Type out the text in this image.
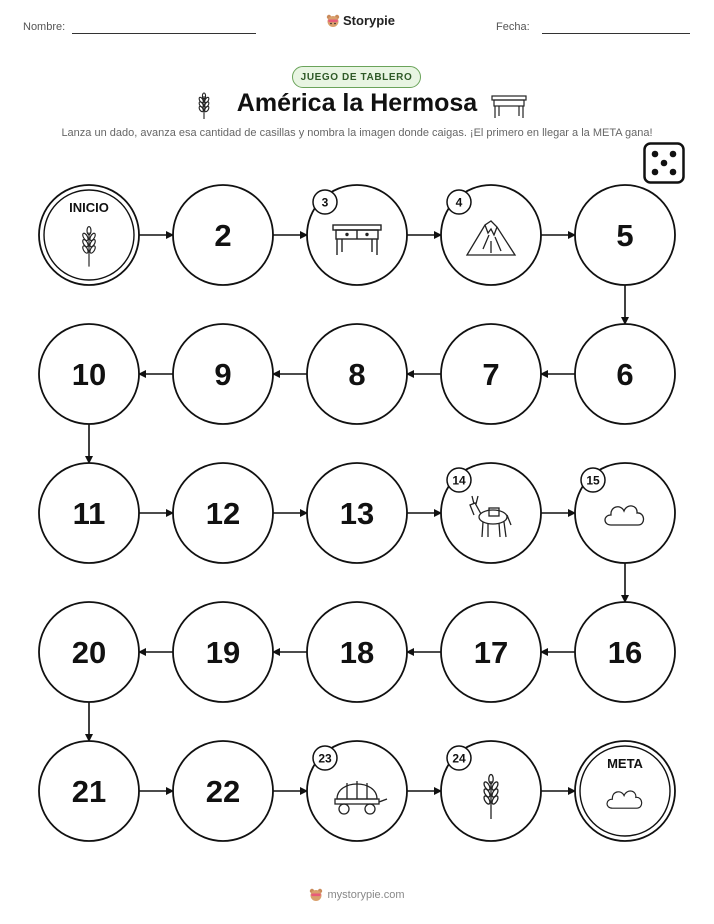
Nombre:	Storypie	Fecha:
JUEGO DE TABLERO
América la Hermosa
Lanza un dado, avanza esa cantidad de casillas y nombra la imagen donde caigas. ¡El primero en llegar a la META gana!
INICIO
2
3	4
5
6
7
8
9
10
11	12	13
14	15
16
17
18
19
20
21	22
23	24	META
mystorypie.com
